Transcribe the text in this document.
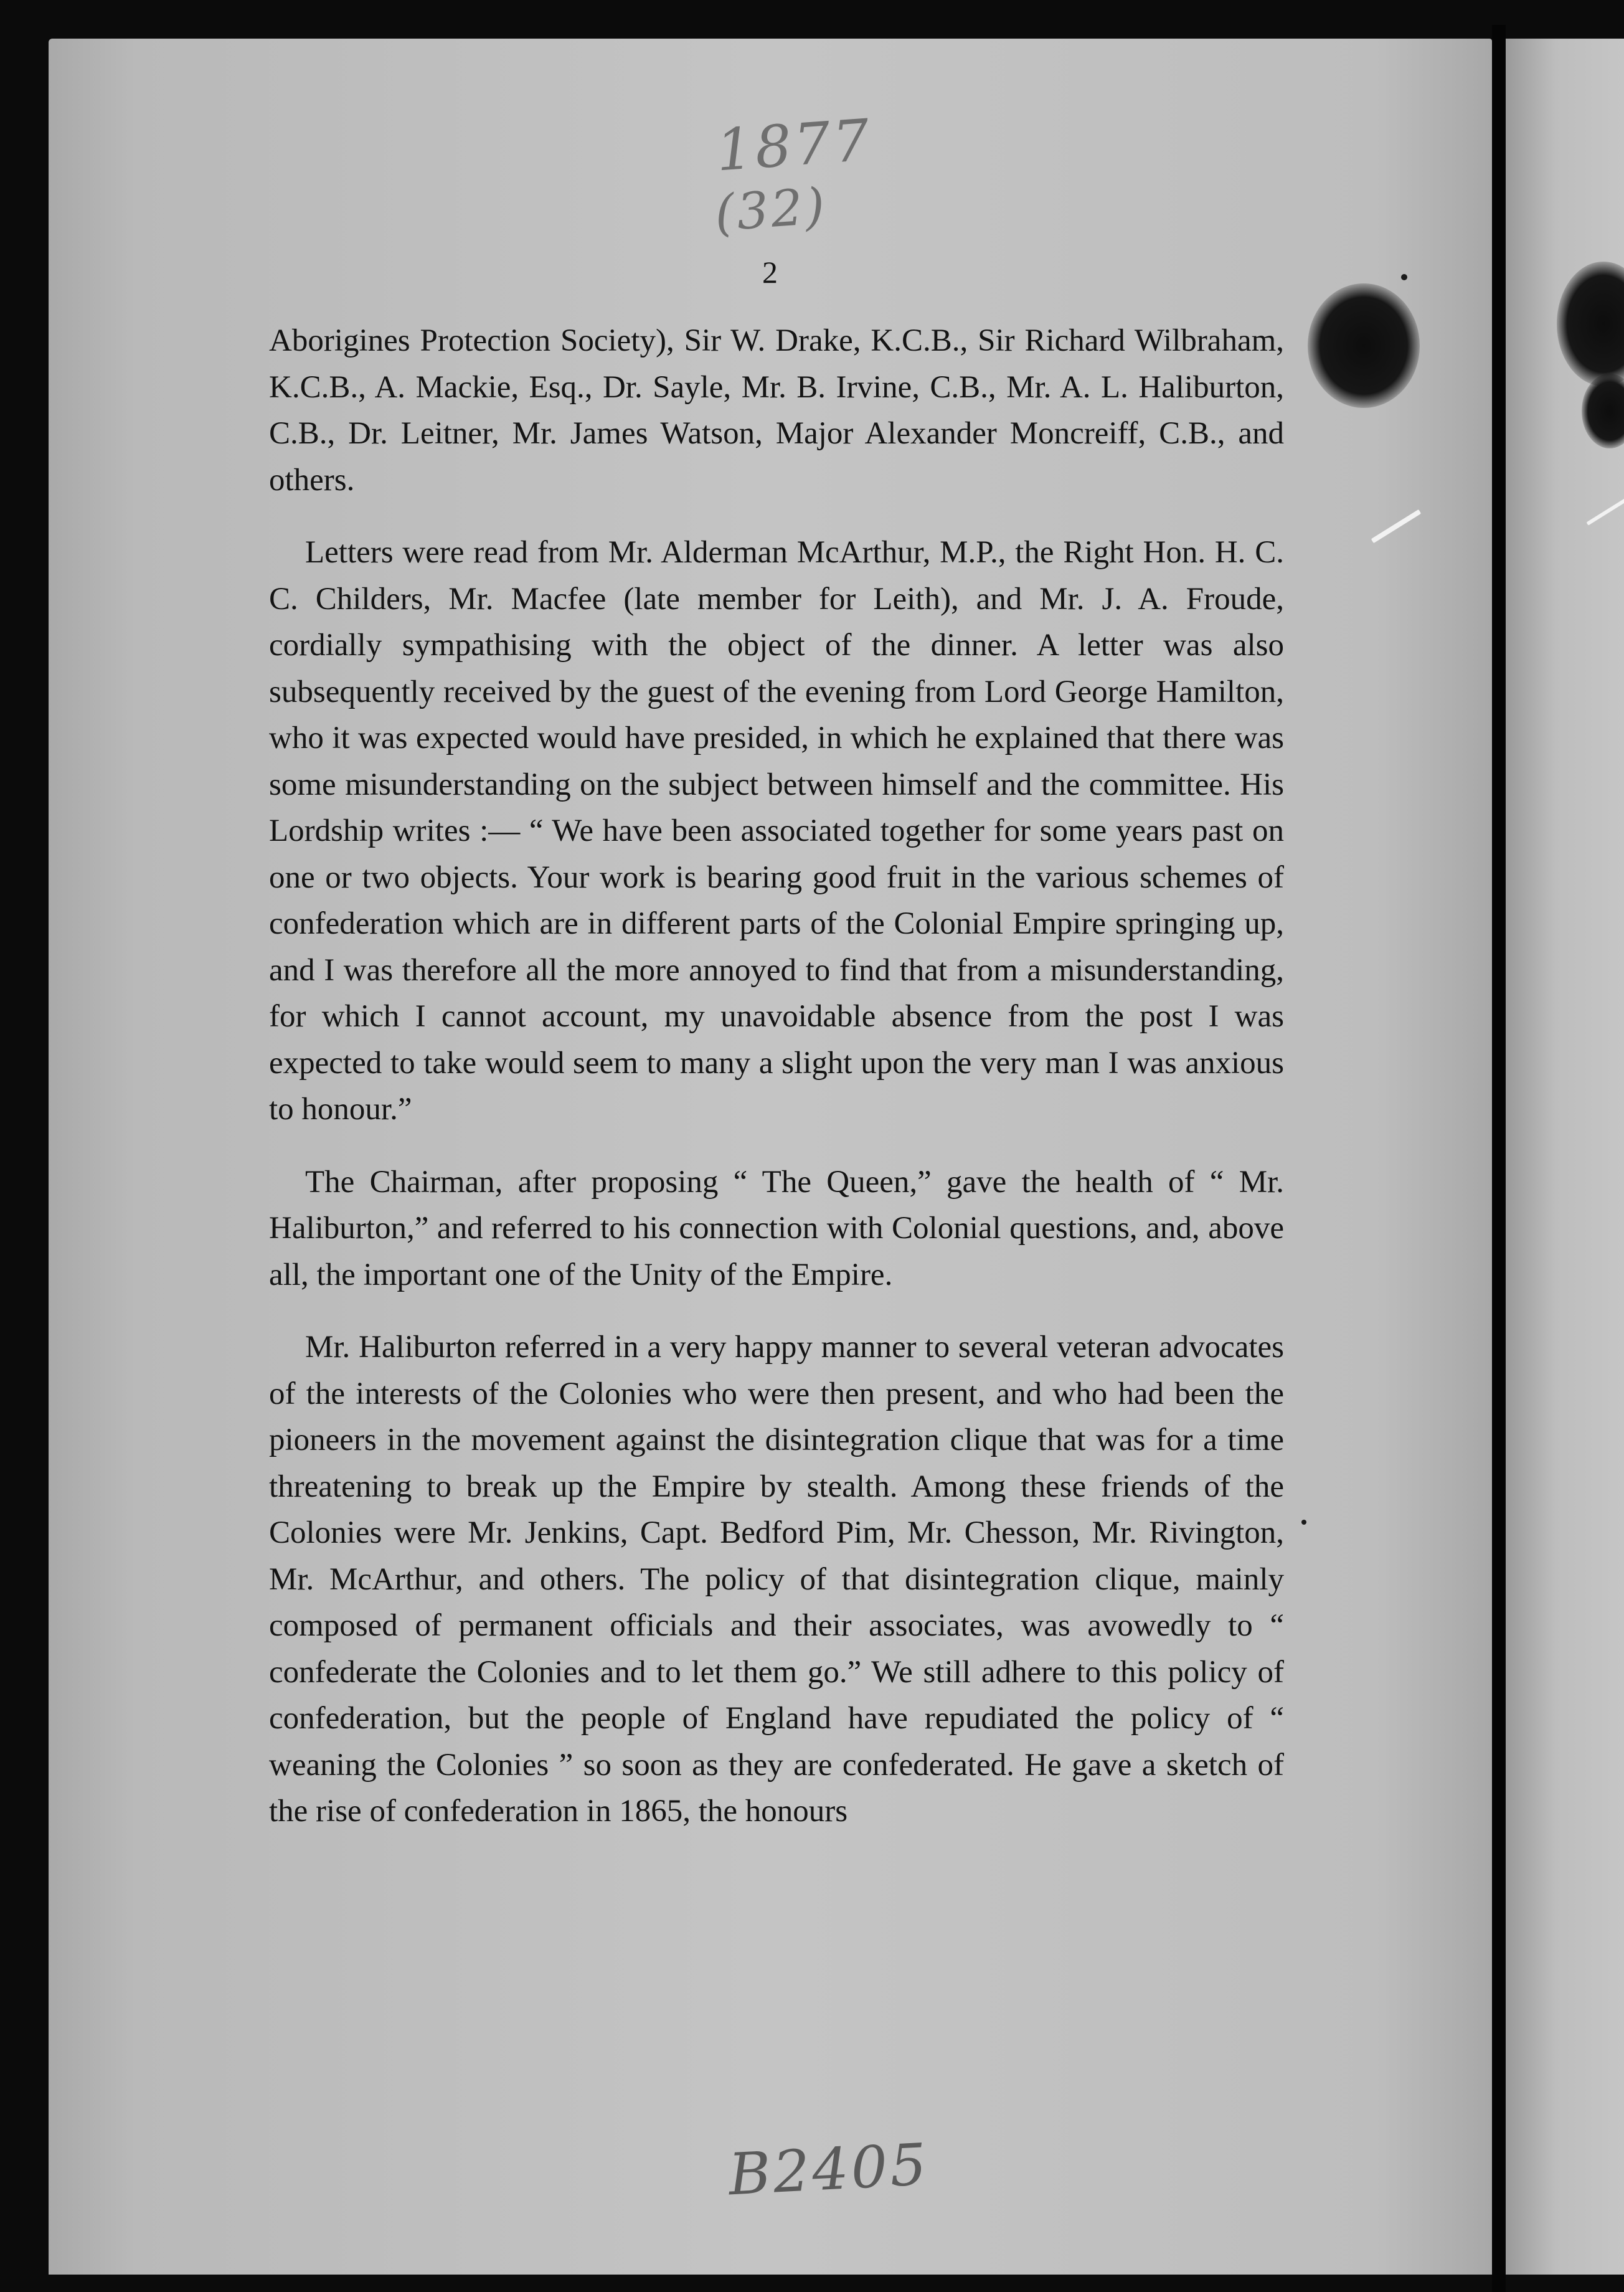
1877
(32)
B2405
2

Aborigines Protection Society), Sir W. Drake, K.C.B., Sir Richard Wilbraham, K.C.B., A. Mackie, Esq., Dr. Sayle, Mr. B. Irvine, C.B., Mr. A. L. Haliburton, C.B., Dr. Leitner, Mr. James Watson, Major Alexander Moncreiff, C.B., and others.

Letters were read from Mr. Alderman McArthur, M.P., the Right Hon. H. C. C. Childers, Mr. Macfee (late member for Leith), and Mr. J. A. Froude, cordially sympathising with the object of the dinner. A letter was also subsequently received by the guest of the evening from Lord George Hamilton, who it was expected would have presided, in which he explained that there was some misunderstanding on the subject between himself and the committee. His Lordship writes :— “ We have been associated together for some years past on one or two objects. Your work is bearing good fruit in the various schemes of confederation which are in different parts of the Colonial Empire springing up, and I was therefore all the more annoyed to find that from a misunderstanding, for which I cannot account, my unavoidable absence from the post I was expected to take would seem to many a slight upon the very man I was anxious to honour.”

The Chairman, after proposing “ The Queen,” gave the health of “ Mr. Haliburton,” and referred to his connection with Colonial questions, and, above all, the important one of the Unity of the Empire.

Mr. Haliburton referred in a very happy manner to several veteran advocates of the interests of the Colonies who were then present, and who had been the pioneers in the movement against the disintegration clique that was for a time threatening to break up the Empire by stealth. Among these friends of the Colonies were Mr. Jenkins, Capt. Bedford Pim, Mr. Chesson, Mr. Rivington, Mr. McArthur, and others. The policy of that disintegration clique, mainly composed of permanent officials and their associates, was avowedly to “ confederate the Colonies and to let them go.” We still adhere to this policy of confederation, but the people of England have repudiated the policy of “ weaning the Colonies ” so soon as they are confederated. He gave a sketch of the rise of confederation in 1865, the honours
